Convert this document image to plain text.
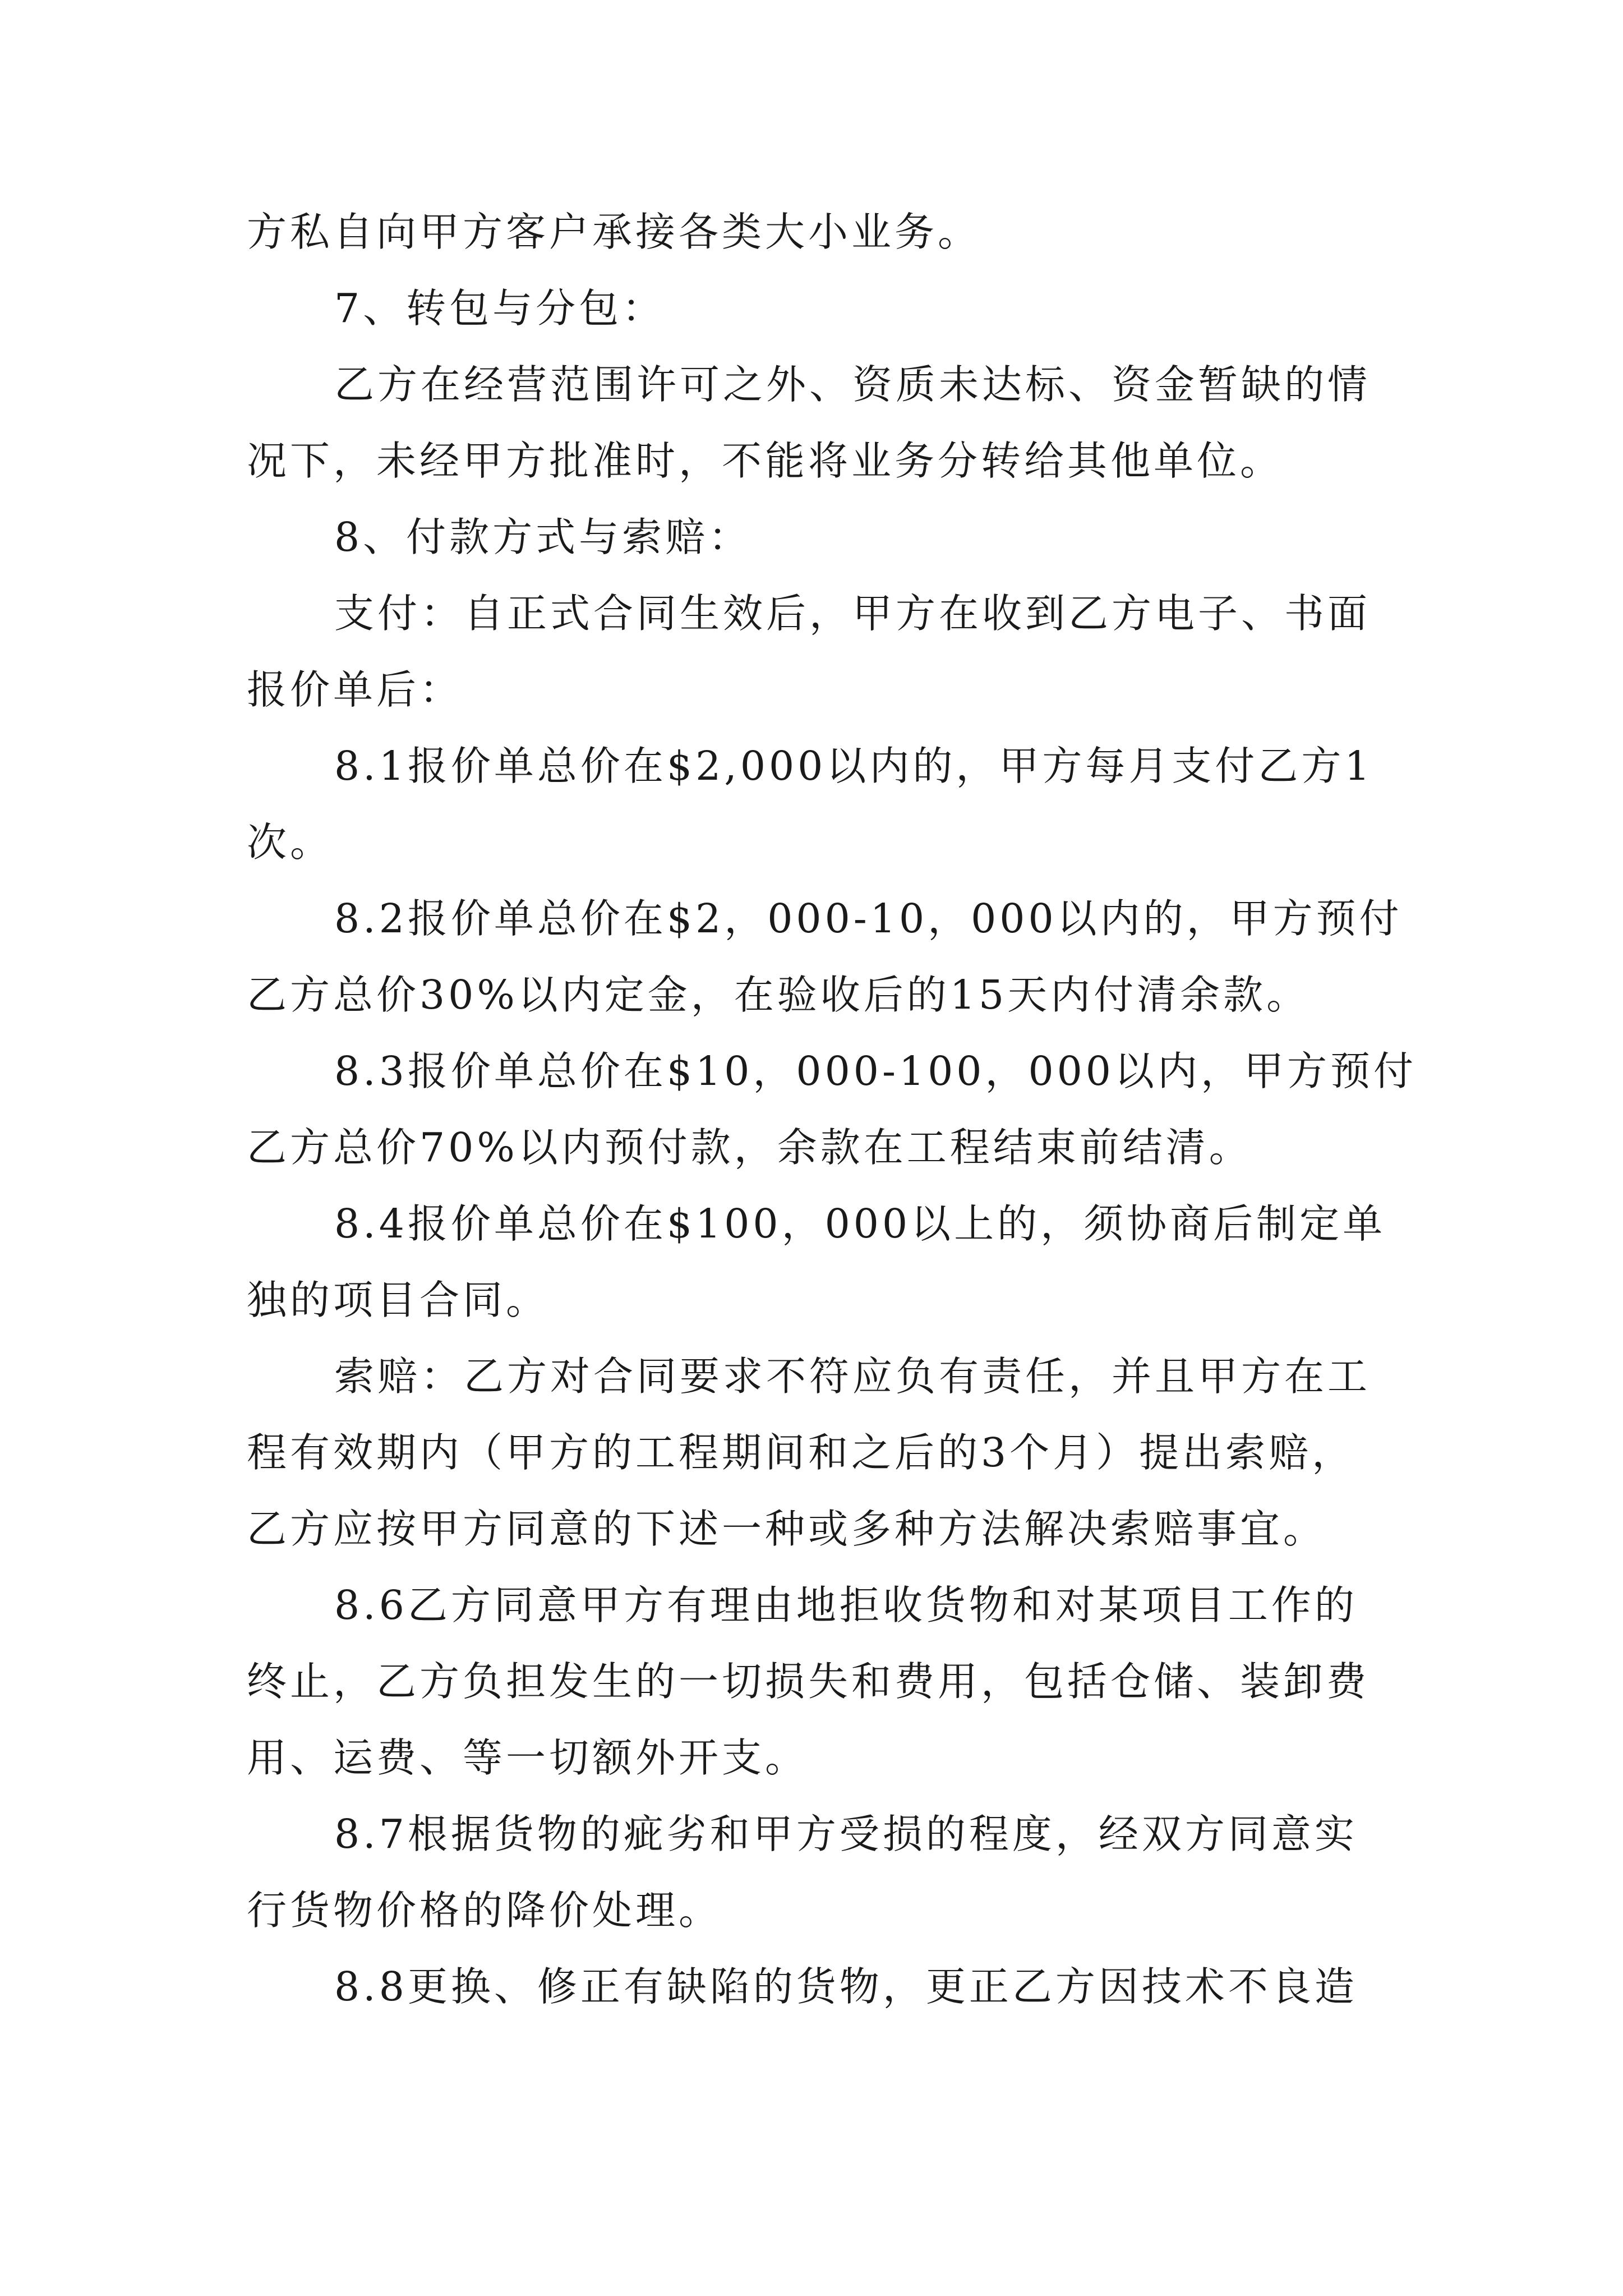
方私自向甲方客户承接各类大小业务。
7、转包与分包：
乙方在经营范围许可之外、资质未达标、资金暂缺的情
况下，未经甲方批准时，不能将业务分转给其他单位。
8、付款方式与索赔：
支付：自正式合同生效后，甲方在收到乙方电子、书面
报价单后：
8.1报价单总价在$2,000以内的，甲方每月支付乙方1
次。
8.2报价单总价在$2，000-10，000以内的，甲方预付
乙方总价30%以内定金，在验收后的15天内付清余款。
8.3报价单总价在$10，000-100，000以内，甲方预付
乙方总价70%以内预付款，余款在工程结束前结清。
8.4报价单总价在$100，000以上的，须协商后制定单
独的项目合同。
索赔：乙方对合同要求不符应负有责任，并且甲方在工
程有效期内（甲方的工程期间和之后的3个月）提出索赔，
乙方应按甲方同意的下述一种或多种方法解决索赔事宜。
8.6乙方同意甲方有理由地拒收货物和对某项目工作的
终止，乙方负担发生的一切损失和费用，包括仓储、装卸费
用、运费、等一切额外开支。
8.7根据货物的疵劣和甲方受损的程度，经双方同意实
行货物价格的降价处理。
8.8更换、修正有缺陷的货物，更正乙方因技术不良造
